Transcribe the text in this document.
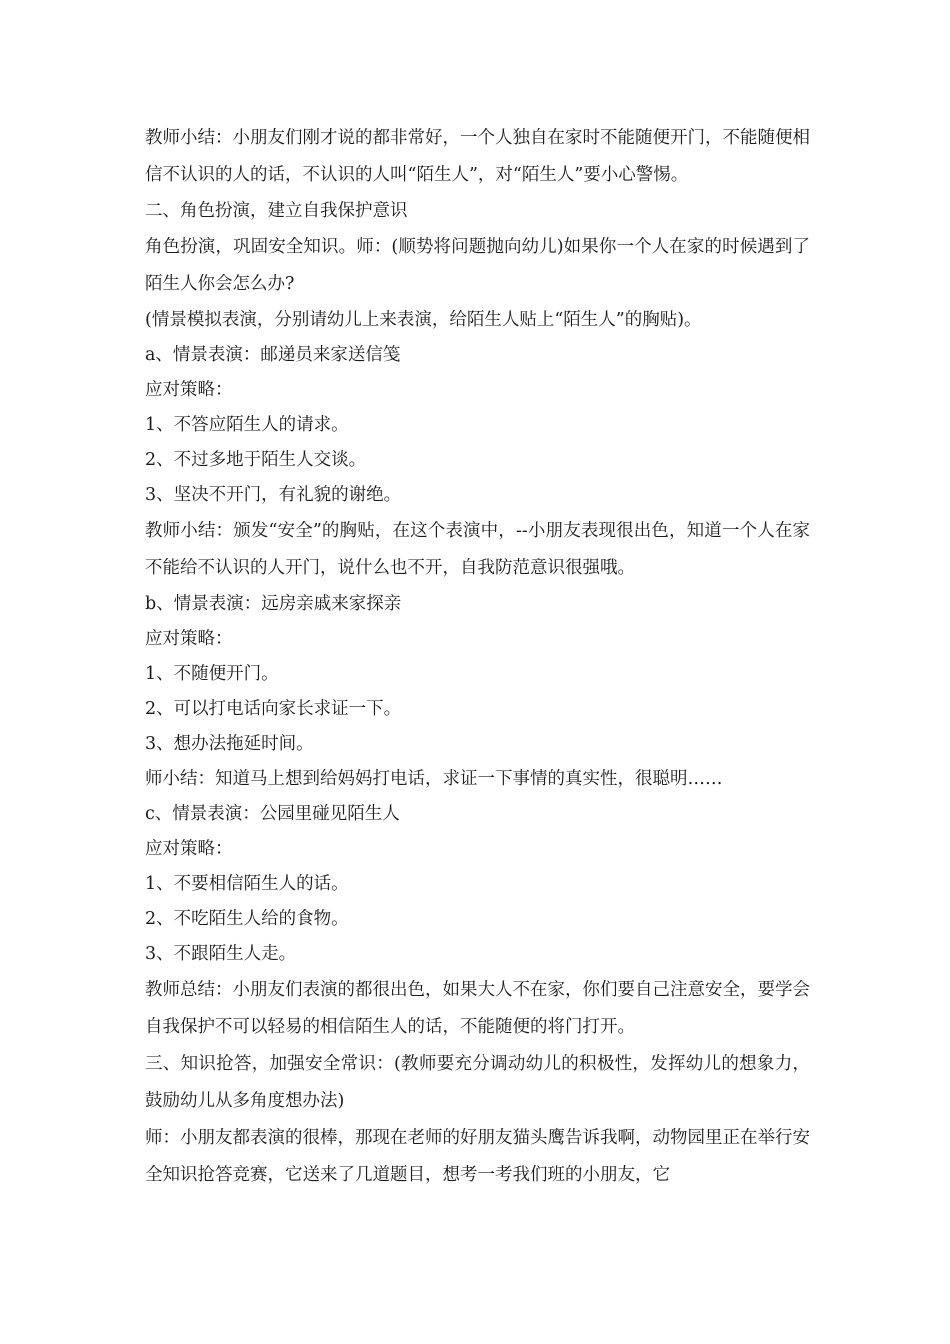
教师小结：小朋友们刚才说的都非常好，一个人独自在家时不能随便开门，不能随便相信不认识的人的话，不认识的人叫“陌生人”，对“陌生人”要小心警惕。

二、角色扮演，建立自我保护意识

角色扮演，巩固安全知识。师：(顺势将问题抛向幼儿)如果你一个人在家的时候遇到了陌生人你会怎么办?

(情景模拟表演，分别请幼儿上来表演，给陌生人贴上“陌生人”的胸贴)。

a、情景表演：邮递员来家送信笺

应对策略：

1、不答应陌生人的请求。

2、不过多地于陌生人交谈。

3、坚决不开门，有礼貌的谢绝。

教师小结：颁发“安全”的胸贴，在这个表演中，--小朋友表现很出色，知道一个人在家不能给不认识的人开门，说什么也不开，自我防范意识很强哦。

b、情景表演：远房亲戚来家探亲

应对策略：

1、不随便开门。

2、可以打电话向家长求证一下。

3、想办法拖延时间。

师小结：知道马上想到给妈妈打电话，求证一下事情的真实性，很聪明……

c、情景表演：公园里碰见陌生人

应对策略：

1、不要相信陌生人的话。

2、不吃陌生人给的食物。

3、不跟陌生人走。

教师总结：小朋友们表演的都很出色，如果大人不在家，你们要自己注意安全，要学会自我保护不可以轻易的相信陌生人的话，不能随便的将门打开。

三、知识抢答，加强安全常识：(教师要充分调动幼儿的积极性，发挥幼儿的想象力，鼓励幼儿从多角度想办法)

师：小朋友都表演的很棒，那现在老师的好朋友猫头鹰告诉我啊，动物园里正在举行安全知识抢答竞赛，它送来了几道题目，想考一考我们班的小朋友，它
